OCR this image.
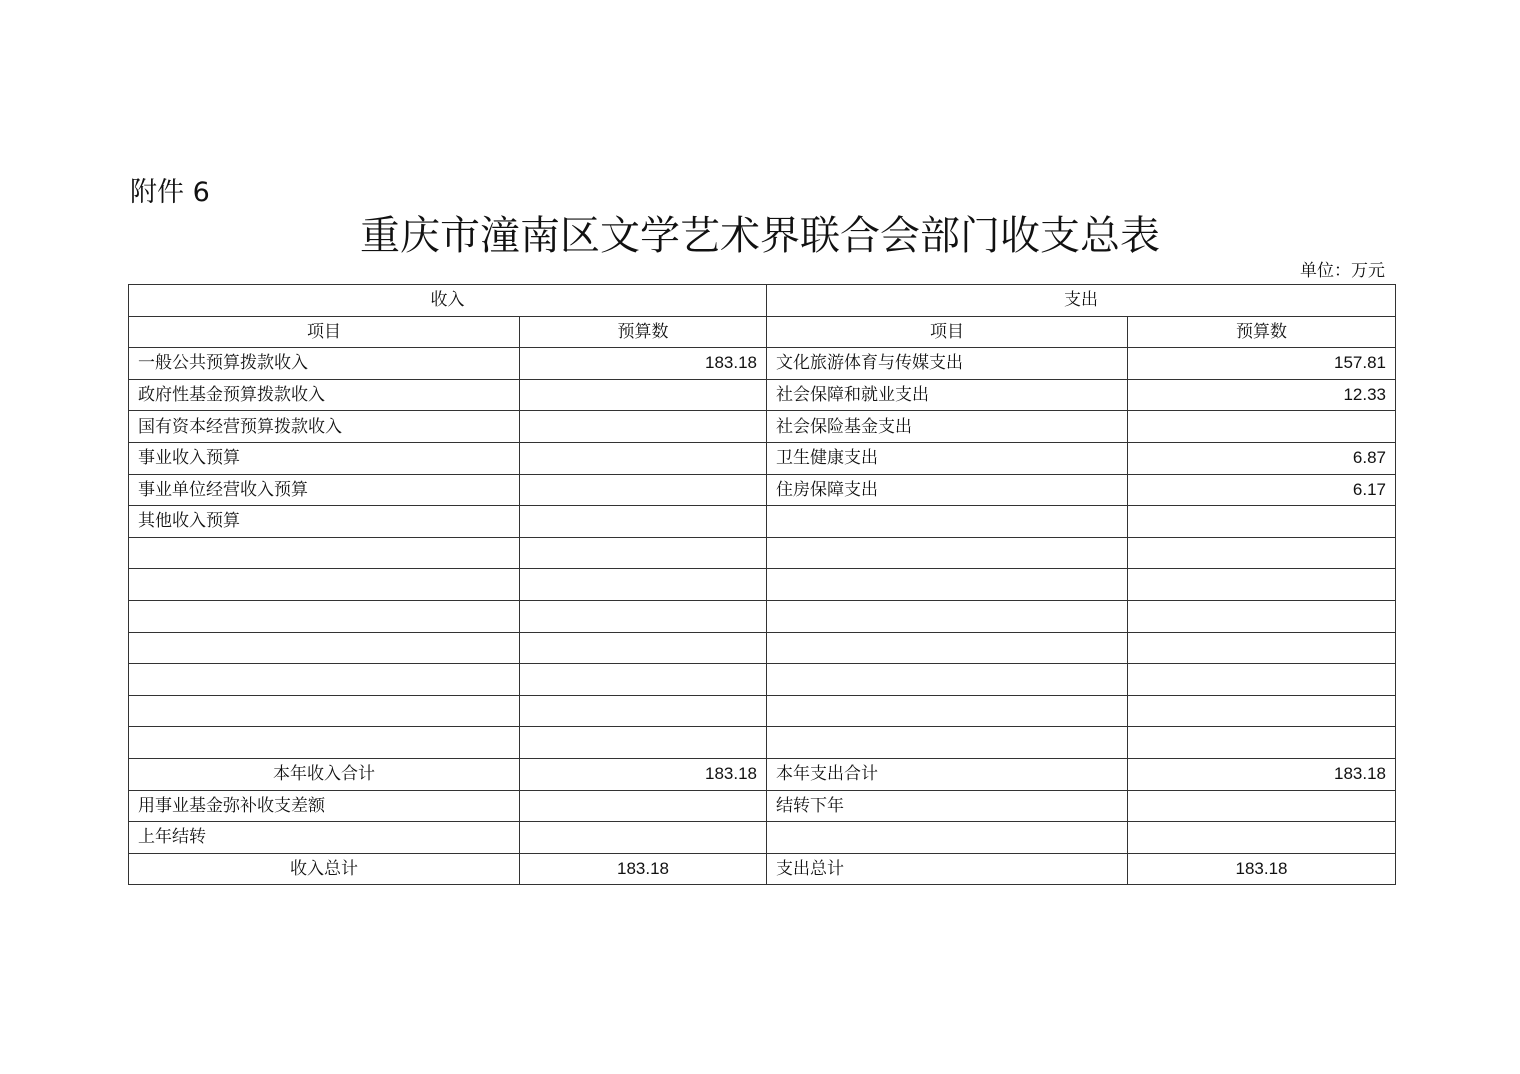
附件 6
重庆市潼南区文学艺术界联合会部门收支总表
单位：万元
收入		支出	
项目	预算数	项目	预算数
一般公共预算拨款收入	183.18	文化旅游体育与传媒支出	157.81
政府性基金预算拨款收入		社会保障和就业支出	12.33
国有资本经营预算拨款收入		社会保险基金支出	
事业收入预算		卫生健康支出	6.87
事业单位经营收入预算		住房保障支出	6.17
其他收入预算			

本年收入合计	183.18	本年支出合计	183.18
用事业基金弥补收支差额		结转下年	
上年结转			
收入总计	183.18	支出总计	183.18
